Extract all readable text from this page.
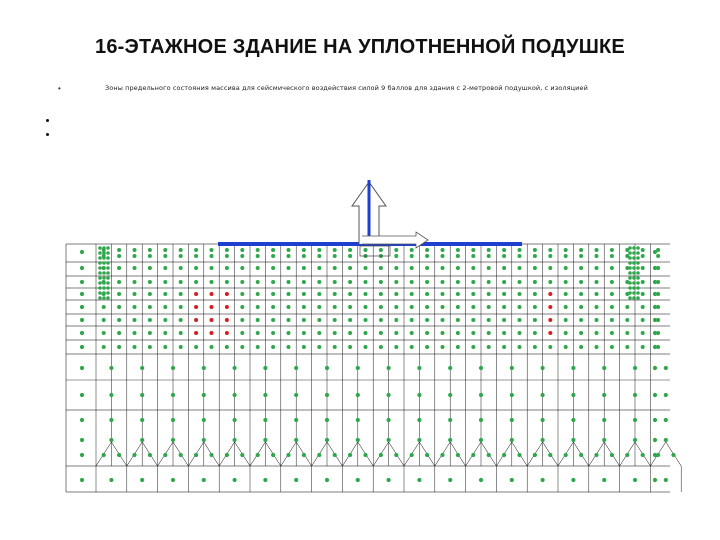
16-ЭТАЖНОЕ ЗДАНИЕ НА УПЛОТНЕННОЙ ПОДУШКЕ
•	Зоны предельного состояния массива для сейсмического воздействия силой 9 баллов для здания с 2-метровой подушкой, с изоляцией
